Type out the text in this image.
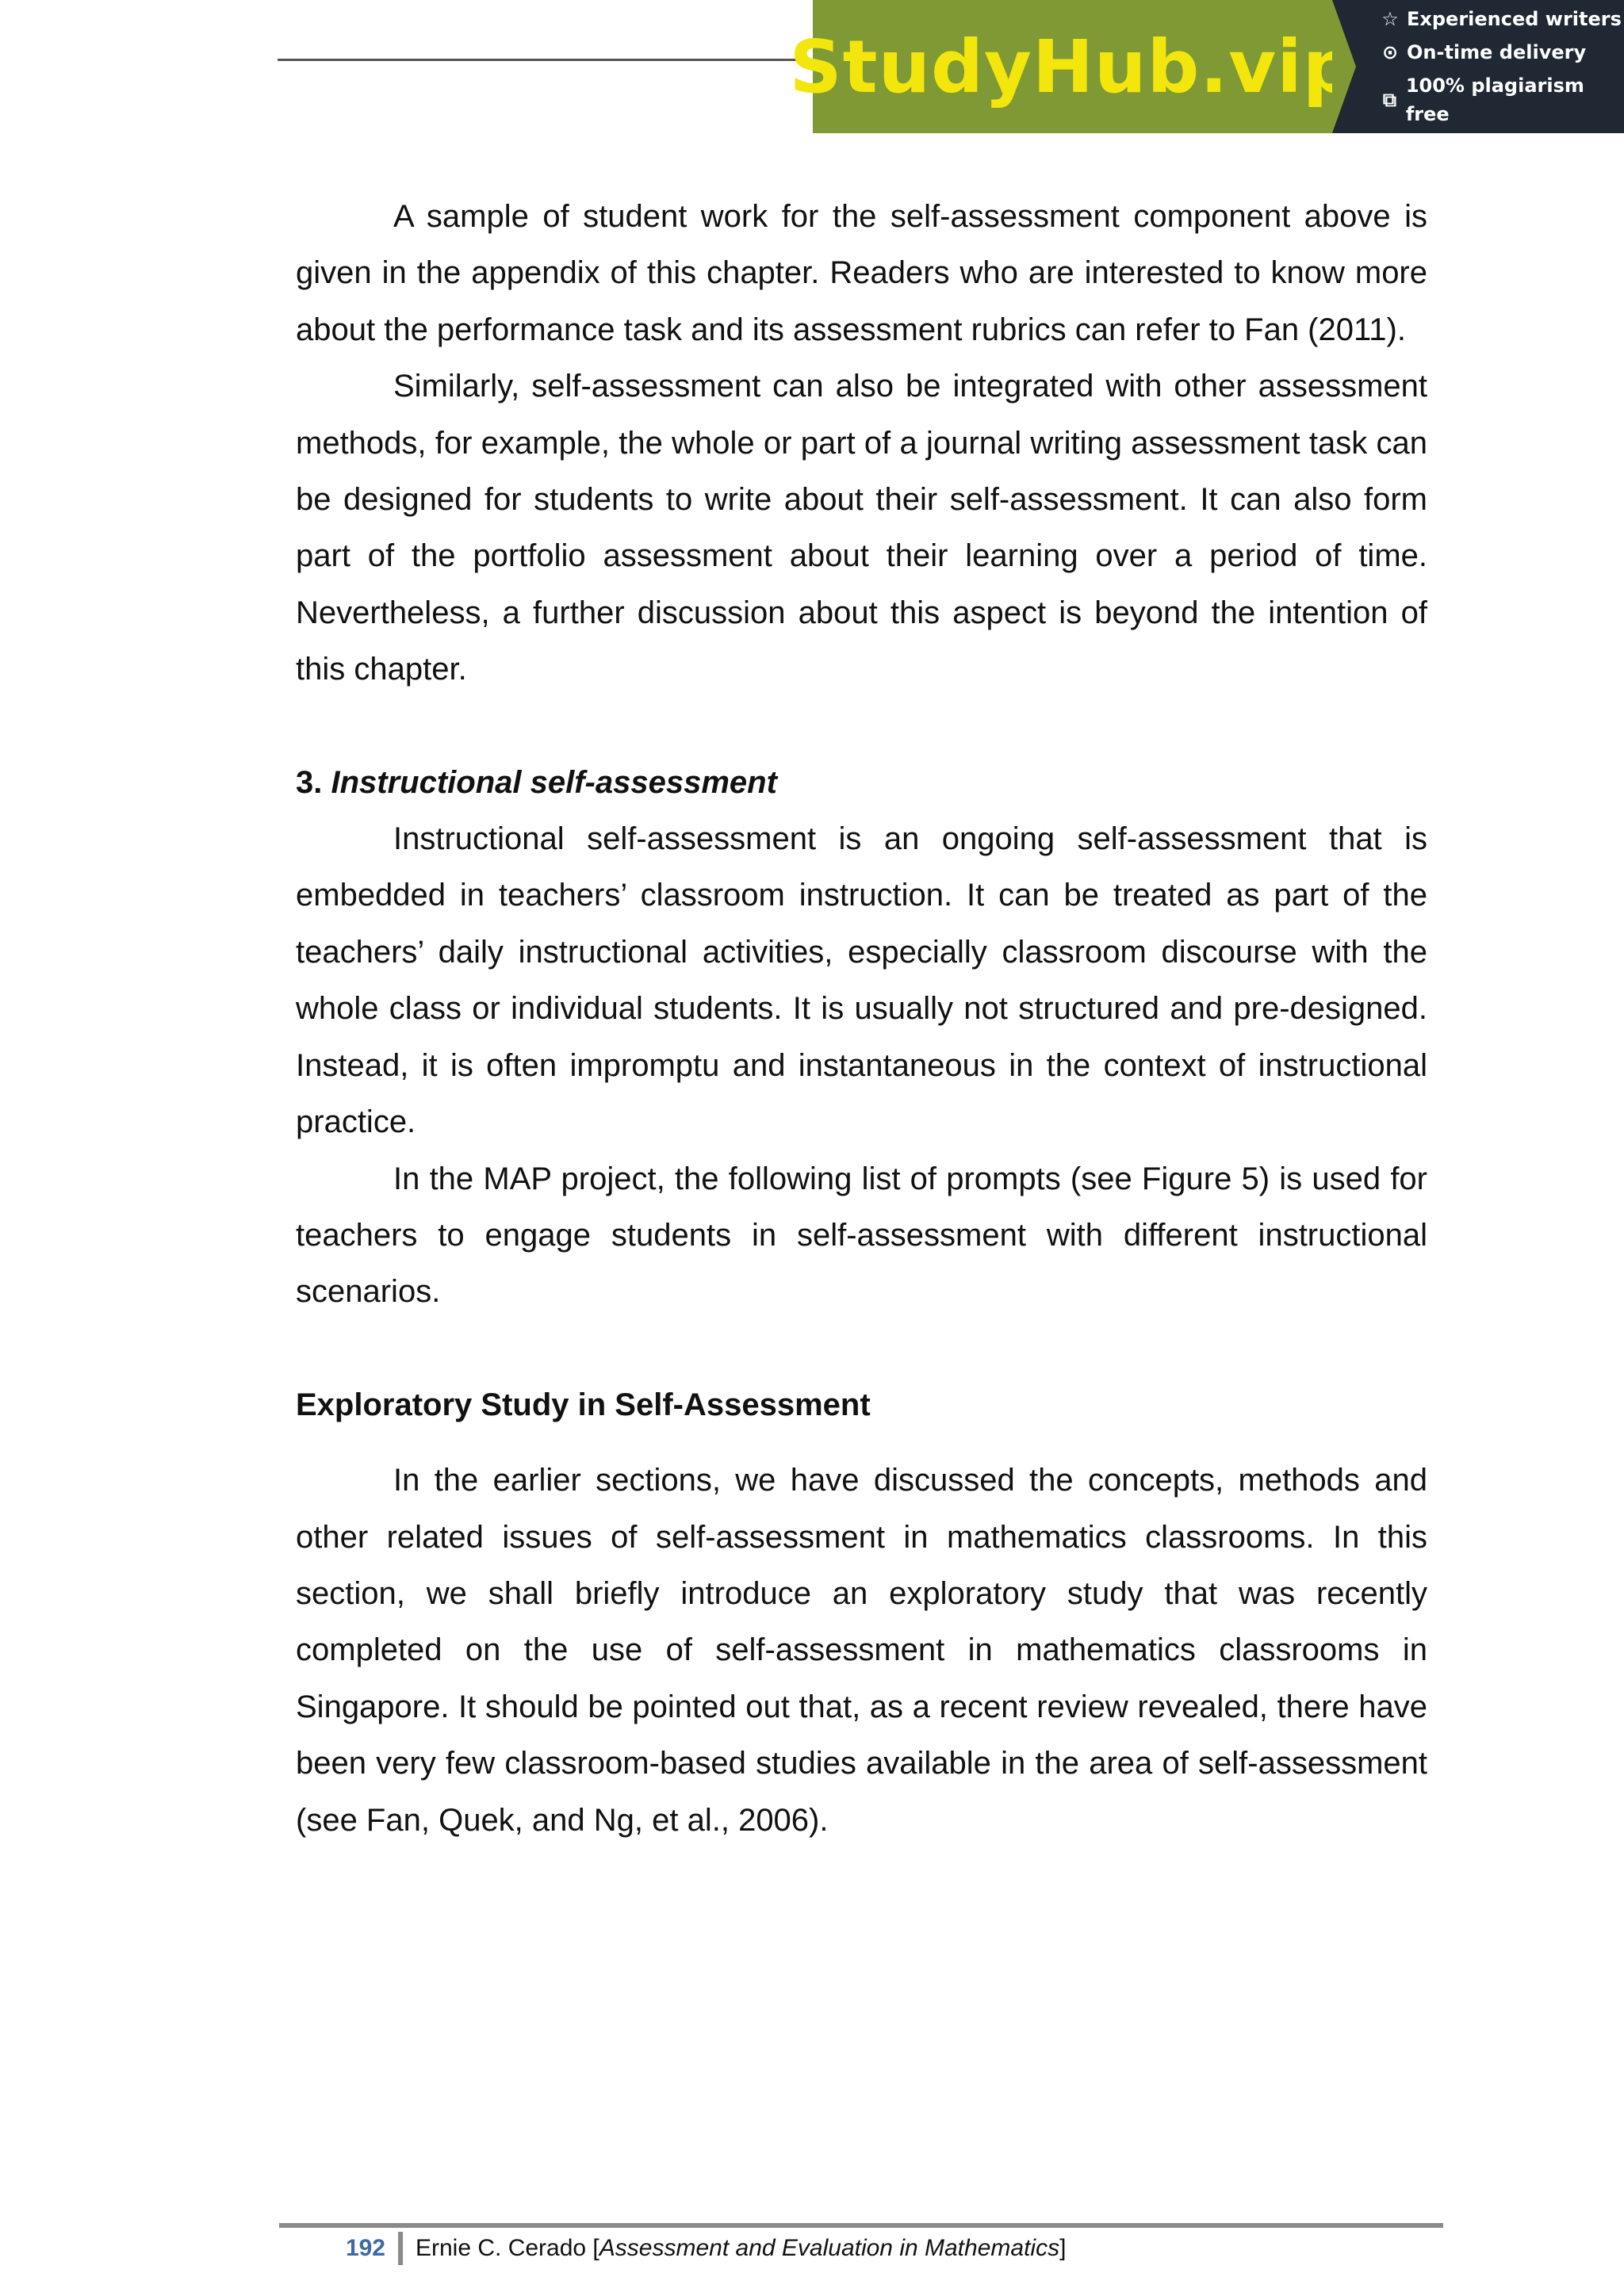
StudyHub.vip
☆ Experienced writers
⊙ On-time delivery
⧉
100% plagiarism free

A sample of student work for the self-assessment component above is given in the appendix of this chapter. Readers who are interested to know more about the performance task and its assessment rubrics can refer to Fan (2011).

Similarly, self-assessment can also be integrated with other assessment methods, for example, the whole or part of a journal writing assessment task can be designed for students to write about their self-assessment. It can also form part of the portfolio assessment about their learning over a period of time. Nevertheless, a further discussion about this aspect is beyond the intention of this chapter.

3. Instructional self-assessment

Instructional self-assessment is an ongoing self-assessment that is embedded in teachers’ classroom instruction. It can be treated as part of the teachers’ daily instructional activities, especially classroom discourse with the whole class or individual students. It is usually not structured and pre-designed. Instead, it is often impromptu and instantaneous in the context of instructional practice.

In the MAP project, the following list of prompts (see Figure 5) is used for teachers to engage students in self-assessment with different instructional scenarios.

Exploratory Study in Self-Assessment

In the earlier sections, we have discussed the concepts, methods and other related issues of self-assessment in mathematics classrooms. In this section, we shall briefly introduce an exploratory study that was recently completed on the use of self-assessment in mathematics classrooms in Singapore. It should be pointed out that, as a recent review revealed, there have been very few classroom-based studies available in the area of self-assessment (see Fan, Quek, and Ng, et al., 2006).

192	Ernie C. Cerado [Assessment and Evaluation in Mathematics]
